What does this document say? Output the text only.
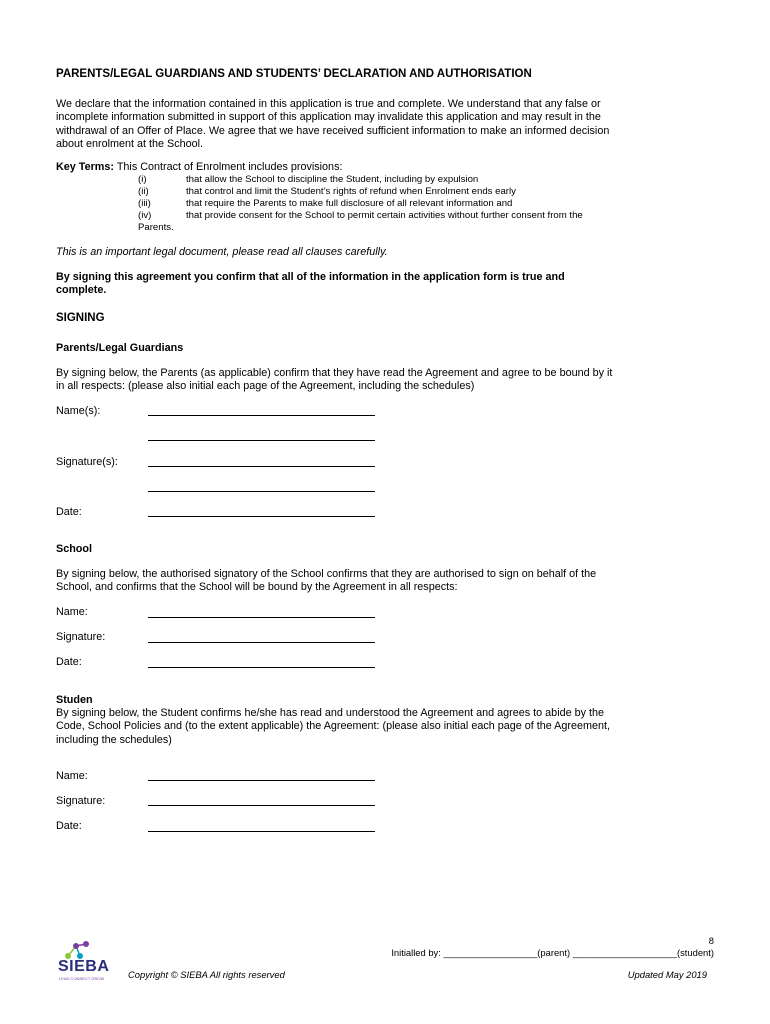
PARENTS/LEGAL GUARDIANS AND STUDENTS’ DECLARATION AND AUTHORISATION
We declare that the information contained in this application is true and complete. We understand that any false or
incomplete information submitted in support of this application may invalidate this application and may result in the
withdrawal of an Offer of Place. We agree that we have received sufficient information to make an informed decision
about enrolment at the School.
Key Terms: This Contract of Enrolment includes provisions:
(i)	that allow the School to discipline the Student, including by expulsion
(ii)	that control and limit the Student’s rights of refund when Enrolment ends early
(iii)	that require the Parents to make full disclosure of all relevant information and
(iv)	that provide consent for the School to permit certain activities without further consent from the
Parents.
This is an important legal document, please read all clauses carefully.
By signing this agreement you confirm that all of the information in the application form is true and
complete.
SIGNING
Parents/Legal Guardians
By signing below, the Parents (as applicable) confirm that they have read the Agreement and agree to be bound by it
in all respects: (please also initial each page of the Agreement, including the schedules)
Name(s):
Signature(s):
Date:
School
By signing below, the authorised signatory of the School confirms that they are authorised to sign on behalf of the
School, and confirms that the School will be bound by the Agreement in all respects:
Name:
Signature:
Date:
Studen
By signing below, the Student confirms he/she has read and understood the Agreement and agrees to abide by the
Code, School Policies and (to the extent applicable) the Agreement: (please also initial each page of the Agreement,
including the schedules)
Name:
Signature:
Date:
8
Initialled by: __________________(parent) ____________________(student)
SIEBA
LEAD CONNECT GROW	Copyright © SIEBA All rights reserved	Updated May 2019
